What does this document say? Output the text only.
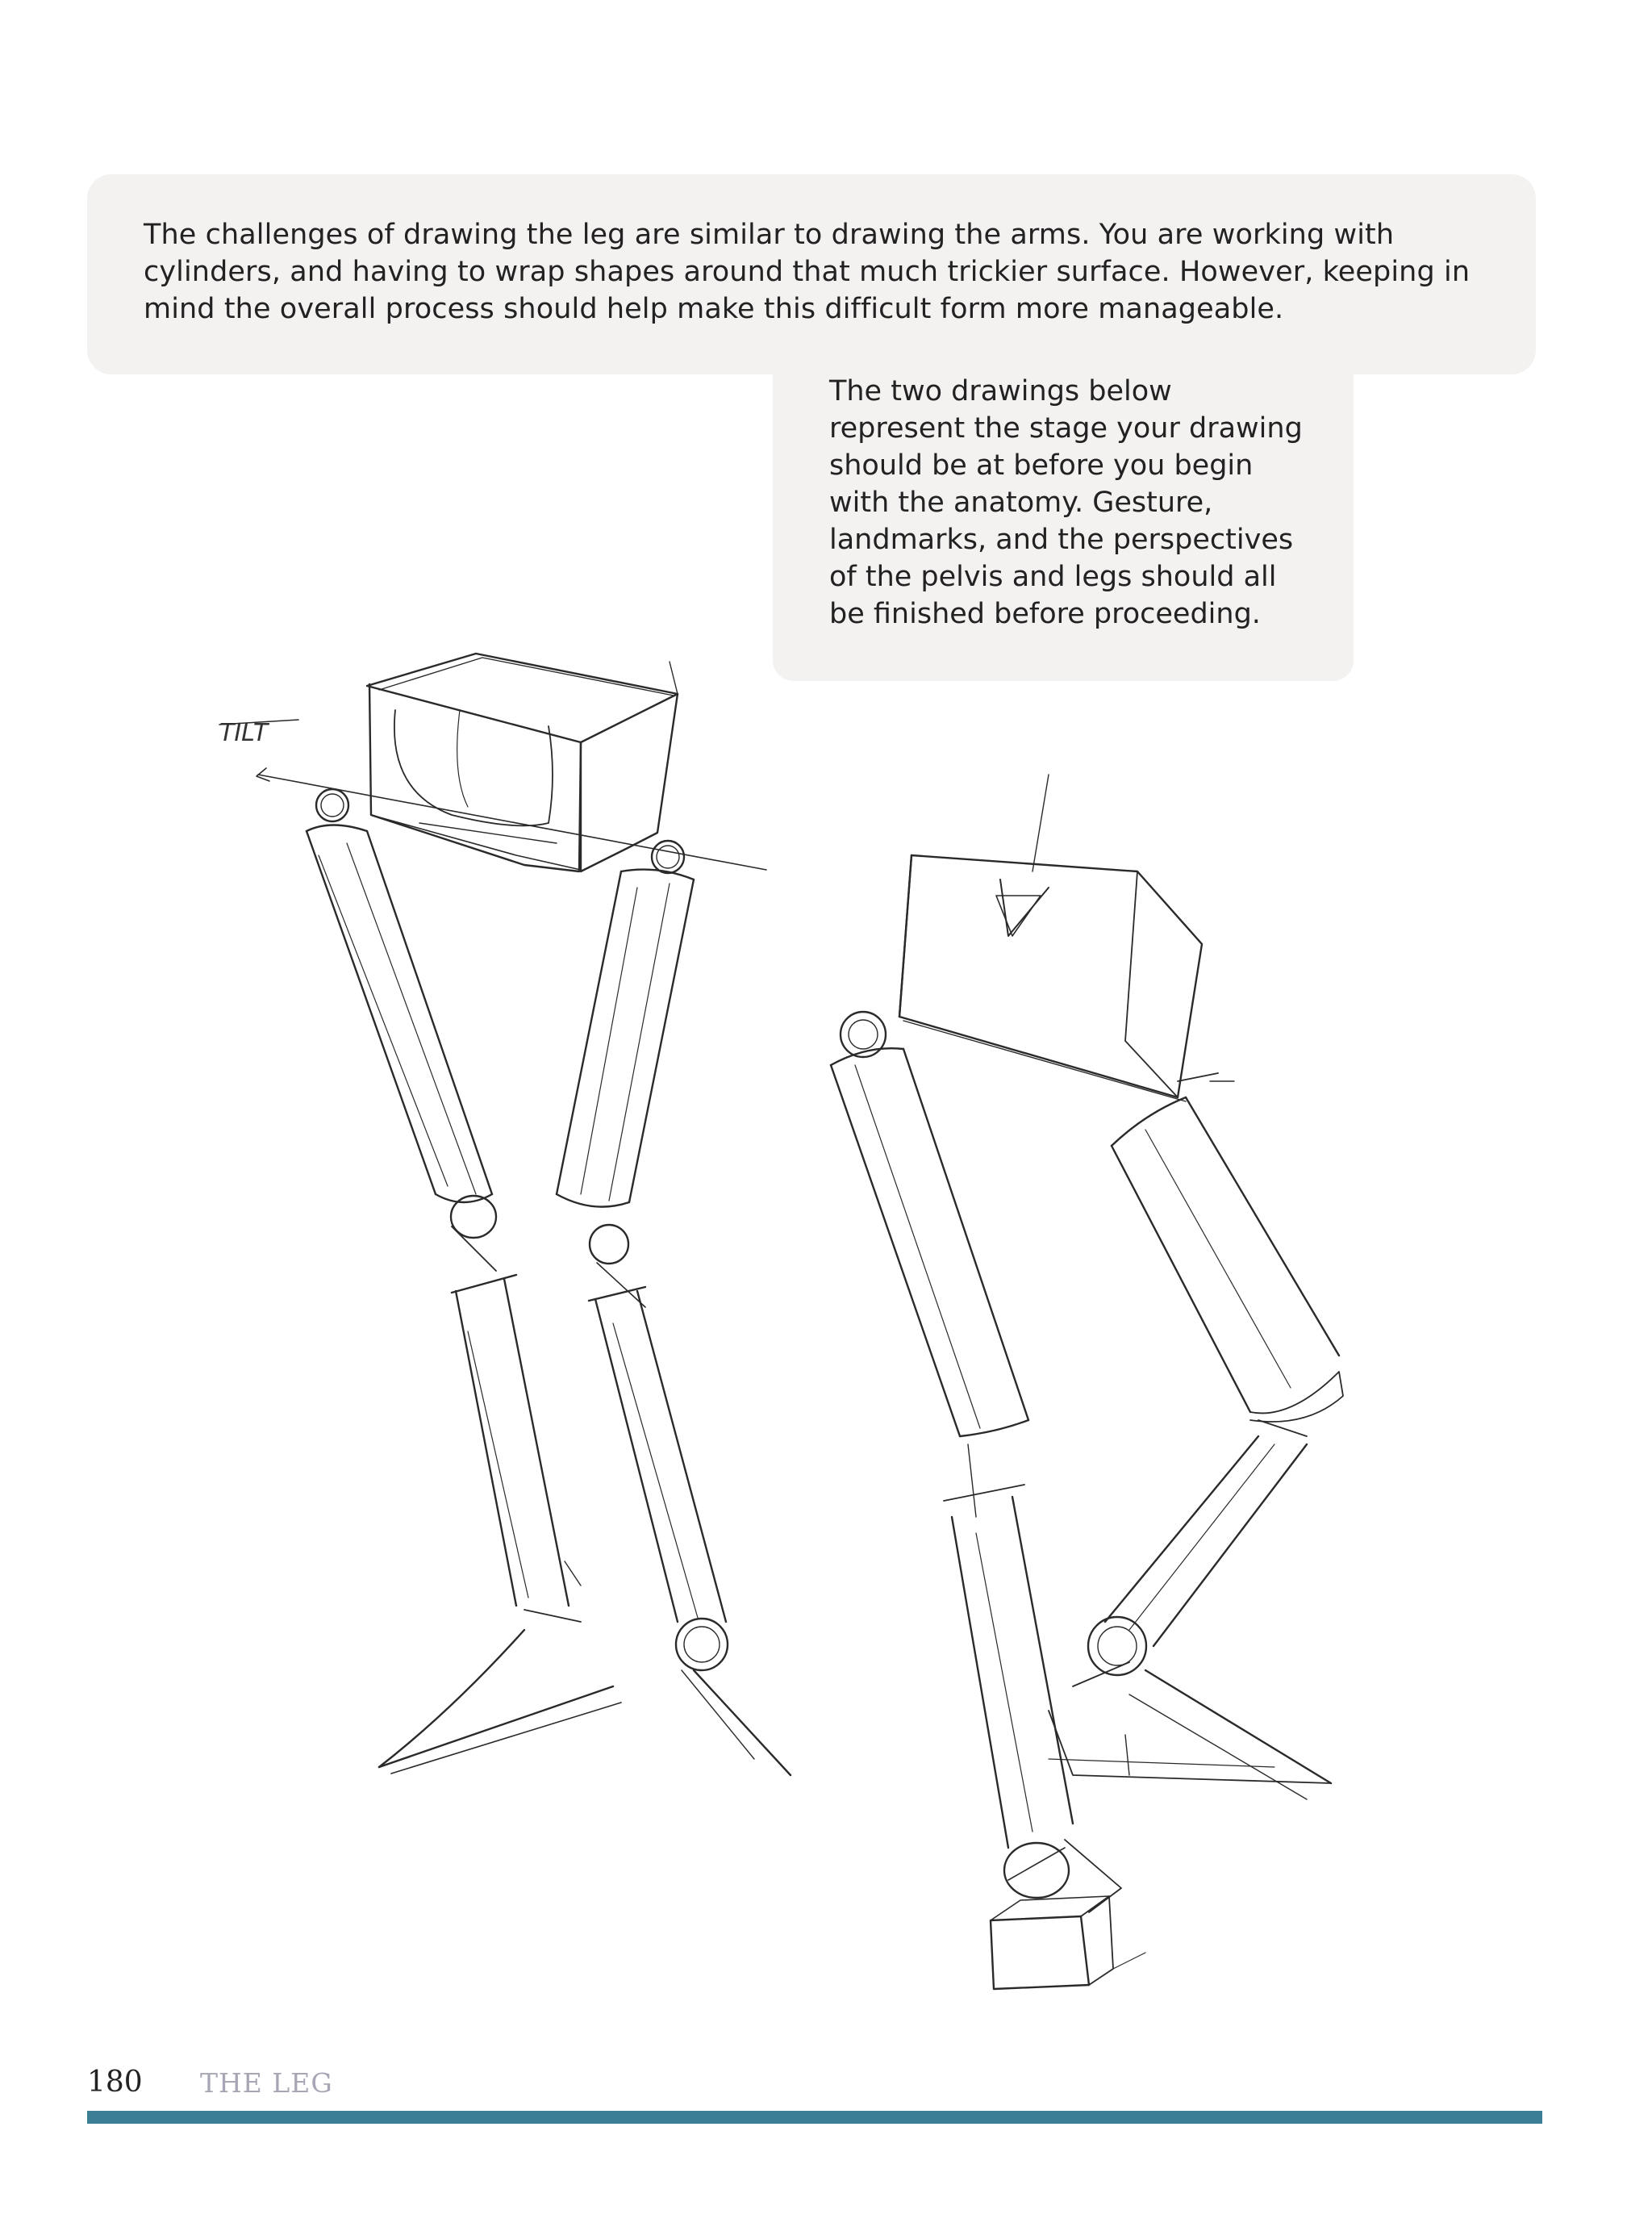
The challenges of drawing the leg are similar to drawing the arms. You are working with cylinders, and having to wrap shapes around that much trickier surface. However, keeping in mind the overall process should help make this difficult form more manageable.

The two drawings below represent the stage your drawing should be at before you begin with the anatomy. Gesture, landmarks, and the perspectives of the pelvis and legs should all be finished before proceeding.

TILT
180 THE LEG
